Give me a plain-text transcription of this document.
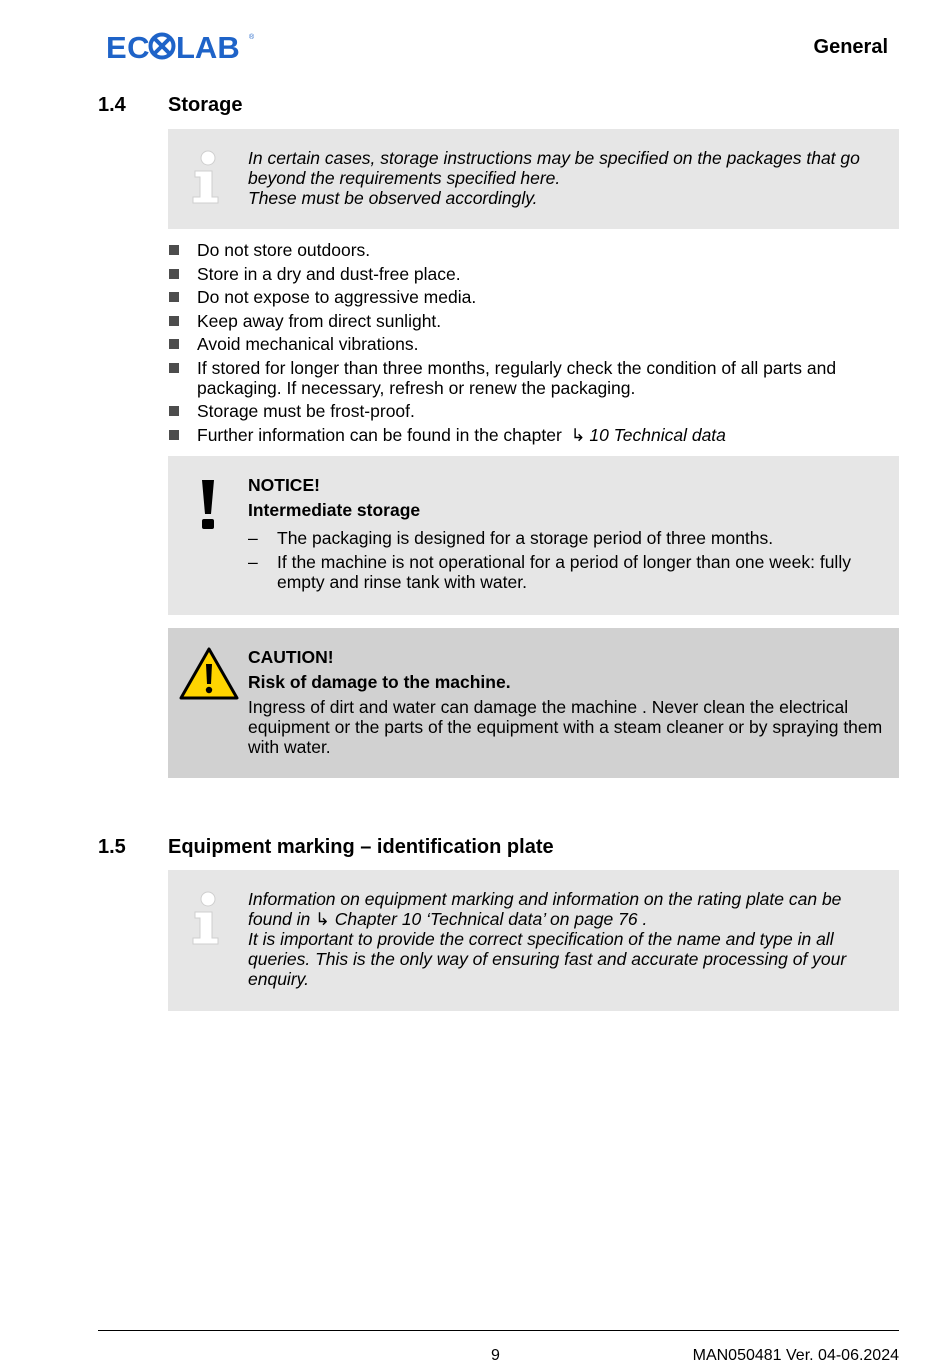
EC LAB ®	General
1.4 Storage
In certain cases, storage instructions may be specified on the packages that go
beyond the requirements specified here.
These must be observed accordingly.
Do not store outdoors.
Store in a dry and dust-free place.
Do not expose to aggressive media.
Keep away from direct sunlight.
Avoid mechanical vibrations.
If stored for longer than three months, regularly check the condition of all parts and packaging. If necessary, refresh or renew the packaging.
Storage must be frost-proof.
Further information can be found in the chapter ↳ 10 Technical data
NOTICE!
Intermediate storage
– The packaging is designed for a storage period of three months.
– If the machine is not operational for a period of longer than one week: fully empty and rinse tank with water.
CAUTION!
Risk of damage to the machine.
Ingress of dirt and water can damage the machine . Never clean the electrical equipment or the parts of the equipment with a steam cleaner or by spraying them with water.
1.5 Equipment marking – identification plate
Information on equipment marking and information on the rating plate can be found in ↳ Chapter 10 ‘Technical data’ on page 76 .
It is important to provide the correct specification of the name and type in all queries. This is the only way of ensuring fast and accurate processing of your enquiry.
9	MAN050481 Ver. 04-06.2024
